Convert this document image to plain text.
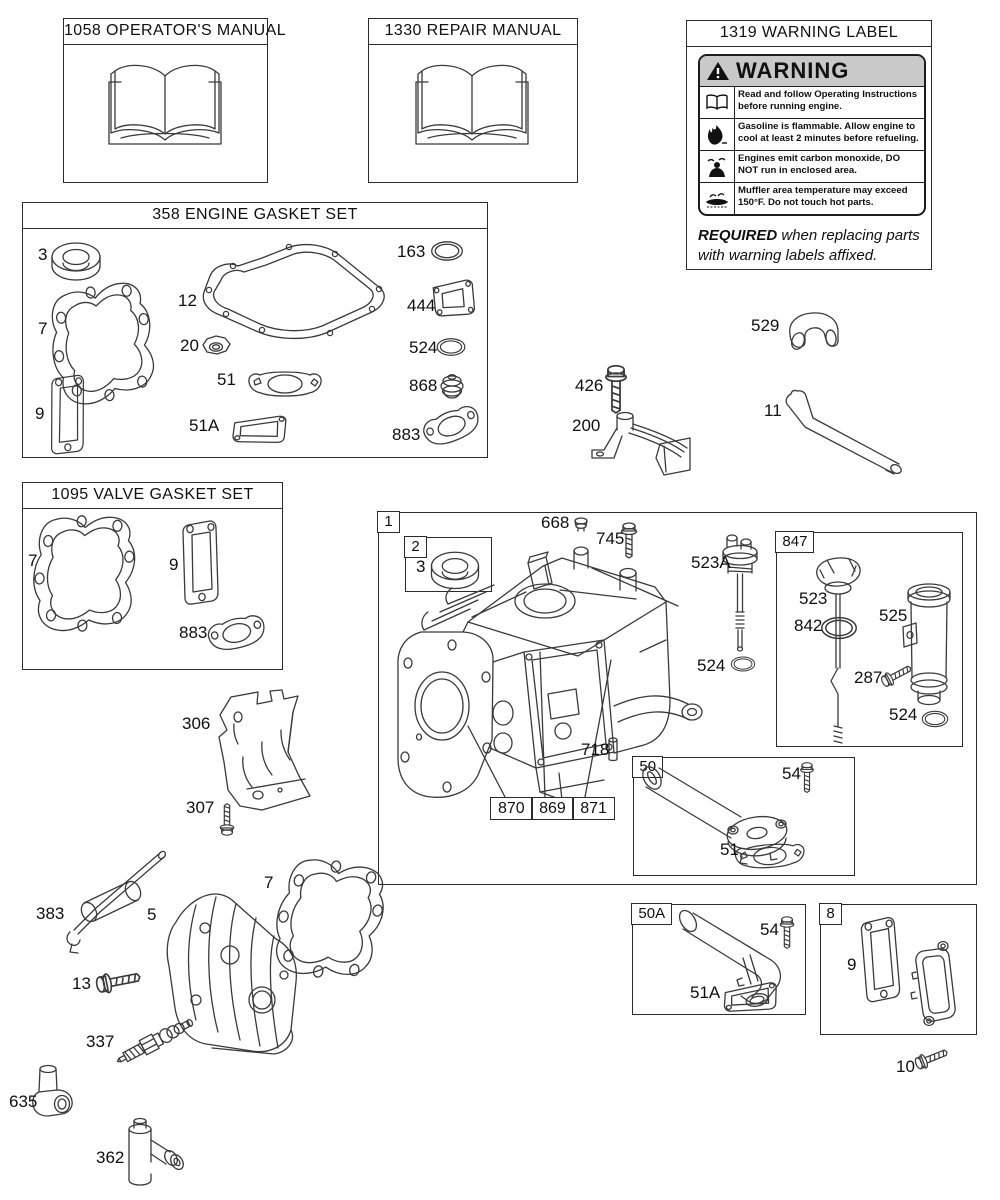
1058 OPERATOR'S MANUAL	1330 REPAIR MANUAL	1319 WARNING LABEL
WARNING
Read and follow Operating Instructions before running engine.
Gasoline is flammable. Allow engine to cool at least 2 minutes before refueling.
Engines emit carbon monoxide, DO NOT run in enclosed area.
Muffler area temperature may exceed 150°F. Do not touch hot parts.
REQUIRED when replacing parts with warning labels affixed.
358 ENGINE GASKET SET
1095 VALVE GASKET SET
1
2	847
50
50A	8
3
7
9
12
20
51
51A
163
444
524
868
883
7	9
883
3
668
745
523A
524
718
523
842
525
287
524
54
51
54
51A
9
10
529
426
200
11
306
307
383	5
13
337
7
635
362
870 869 871
